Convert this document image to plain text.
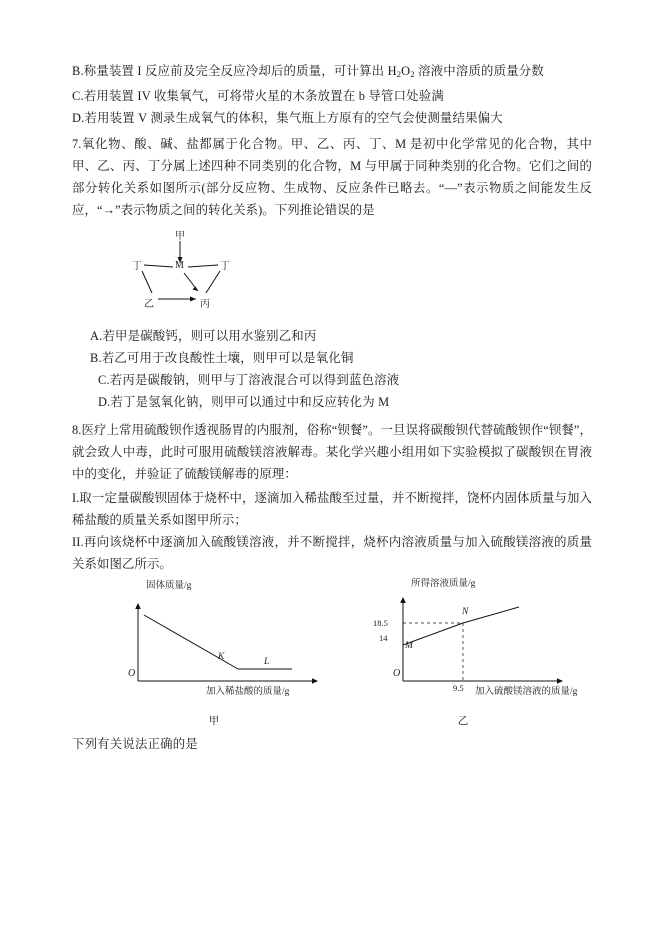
B.称量装置 I 反应前及完全反应冷却后的质量，可计算出 $H_2O_2$ 溶液中溶质的质量分数
C.若用装置 IV 收集氧气，可将带火星的木条放置在 b 导管口处验满
D.若用装置 V 测录生成氧气的体积，集气瓶上方原有的空气会使测量结果偏大
7.氧化物、酸、碱、盐都属于化合物。甲、乙、丙、丁、M 是初中化学常见的化合物，其中甲、乙、丙、丁分属上述四种不同类别的化合物，M 与甲属于同种类别的化合物。它们之间的部分转化关系如图所示(部分反应物、生成物、反应条件已略去。“—”表示物质之间能发生反应，“→”表示物质之间的转化关系)。下列推论错误的是
甲
丁	M	丁
乙	丙
A.若甲是碳酸钙，则可以用水鉴别乙和丙
B.若乙可用于改良酸性土壤，则甲可以是氧化铜
C.若丙是碳酸钠，则甲与丁溶液混合可以得到蓝色溶液
D.若丁是氢氧化钠，则甲可以通过中和反应转化为 M
8.医疗上常用硫酸钡作透视肠胃的内服剂，俗称“钡餐”。一旦误将碳酸钡代替硫酸钡作“钡餐”，就会致人中毒，此时可服用硫酸镁溶液解毒。某化学兴趣小组用如下实验模拟了碳酸钡在胃液中的变化，并验证了硫酸镁解毒的原理：
I.取一定量碳酸钡固体于烧杯中，逐滴加入稀盐酸至过量，并不断搅拌，饶杯内固体质量与加入稀盐酸的质量关系如图甲所示；
II.再向该烧杯中逐滴加入硫酸镁溶液，并不断搅拌，烧杯内溶液质量与加入硫酸镁溶液的质量关系如图乙所示。
固体质量/g
O
K	L
加入稀盐酸的质量/g
甲
所得溶液质量/g
O
18.5
14
9.5
N
M
加入硫酸镁溶液的质量/g
乙
下列有关说法正确的是
